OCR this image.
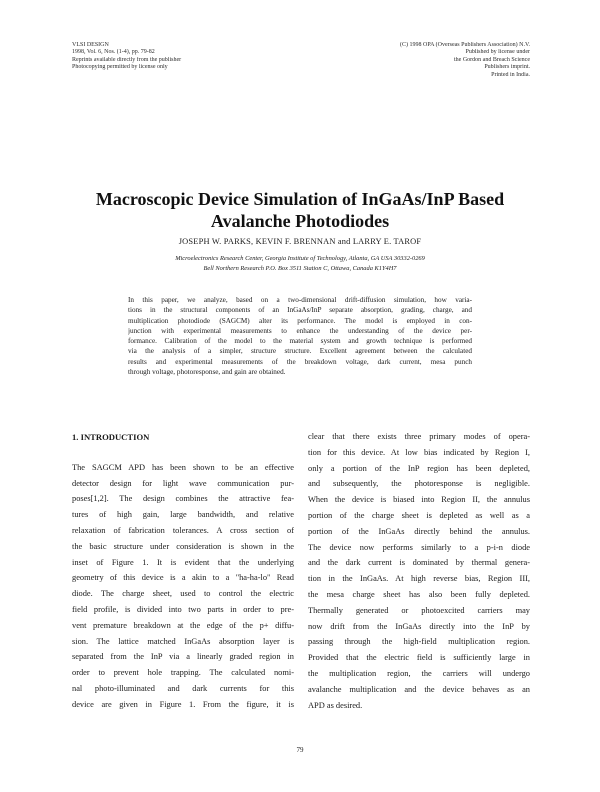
VLSI DESIGN
1998, Vol. 6, Nos. (1-4), pp. 79-82
Reprints available directly from the publisher
Photocopying permitted by license only
(C) 1998 OPA (Overseas Publishers Association) N.V.
Published by license under
the Gordon and Breach Science
Publishers imprint.
Printed in India.
Macroscopic Device Simulation of InGaAs/InP Based
Avalanche Photodiodes
JOSEPH W. PARKS, KEVIN F. BRENNAN and LARRY E. TAROF
Microelectronics Research Center, Georgia Institute of Technology, Atlanta, GA USA 30332-0269
Bell Northern Research P.O. Box 3511 Station C, Ottawa, Canada K1Y4H7
In this paper, we analyze, based on a two-dimensional drift-diffusion simulation, how varia-
tions in the structural components of an InGaAs/InP separate absorption, grading, charge, and
multiplication photodiode (SAGCM) alter its performance. The model is employed in con-
junction with experimental measurements to enhance the understanding of the device per-
formance. Calibration of the model to the material system and growth technique is performed
via the analysis of a simpler, structure structure. Excellent agreement between the calculated
results and experimental measurements of the breakdown voltage, dark current, mesa punch
through voltage, photoresponse, and gain are obtained.
1. INTRODUCTION
The SAGCM APD has been shown to be an effective
detector design for light wave communication pur-
poses[1,2]. The design combines the attractive fea-
tures of high gain, large bandwidth, and relative
relaxation of fabrication tolerances. A cross section of
the basic structure under consideration is shown in the
inset of Figure 1. It is evident that the underlying
geometry of this device is a akin to a "ha-ha-lo" Read
diode. The charge sheet, used to control the electric
field profile, is divided into two parts in order to pre-
vent premature breakdown at the edge of the p+ diffu-
sion. The lattice matched InGaAs absorption layer is
separated from the InP via a linearly graded region in
order to prevent hole trapping. The calculated nomi-
nal photo-illuminated and dark currents for this
device are given in Figure 1. From the figure, it is
clear that there exists three primary modes of opera-
tion for this device. At low bias indicated by Region I,
only a portion of the InP region has been depleted,
and subsequently, the photoresponse is negligible.
When the device is biased into Region II, the annulus
portion of the charge sheet is depleted as well as a
portion of the InGaAs directly behind the annulus.
The device now performs similarly to a p-i-n diode
and the dark current is dominated by thermal genera-
tion in the InGaAs. At high reverse bias, Region III,
the mesa charge sheet has also been fully depleted.
Thermally generated or photoexcited carriers may
now drift from the InGaAs directly into the InP by
passing through the high-field multiplication region.
Provided that the electric field is sufficiently large in
the multiplication region, the carriers will undergo
avalanche multiplication and the device behaves as an
APD as desired.
79
